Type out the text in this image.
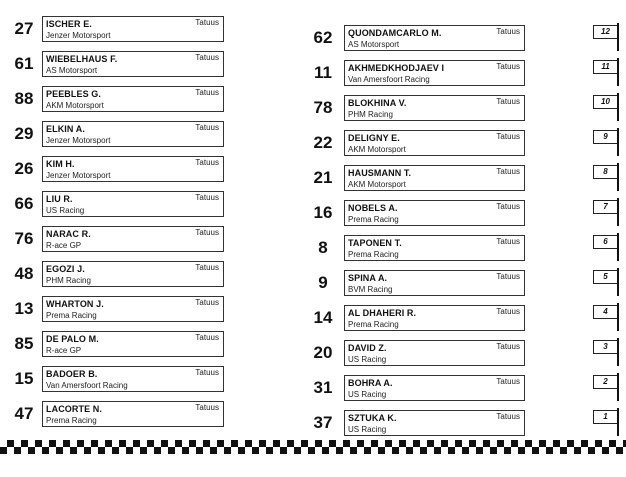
27	ISCHER E.	Tatuus
Jenzer Motorsport
61	WIEBELHAUS F.	Tatuus
AS Motorsport
88	PEEBLES G.	Tatuus
AKM Motorsport
29	ELKIN A.	Tatuus
Jenzer Motorsport
26	KIM H.	Tatuus
Jenzer Motorsport
66	LIU R.	Tatuus
US Racing
76	NARAC R.	Tatuus
R-ace GP
48	EGOZI J.	Tatuus
PHM Racing
13	WHARTON J.	Tatuus
Prema Racing
85	DE PALO M.	Tatuus
R-ace GP
15	BADOER B.	Tatuus
Van Amersfoort Racing
47	LACORTE N.	Tatuus
Prema Racing
62	QUONDAMCARLO M.	Tatuus
AS Motorsport
11	AKHMEDKHODJAEV I	Tatuus
Van Amersfoort Racing
78	BLOKHINA V.	Tatuus
PHM Racing
22	DELIGNY E.	Tatuus
AKM Motorsport
21	HAUSMANN T.	Tatuus
AKM Motorsport
16	NOBELS A.	Tatuus
Prema Racing
8	TAPONEN T.	Tatuus
Prema Racing
9	SPINA A.	Tatuus
BVM Racing
14	AL DHAHERI R.	Tatuus
Prema Racing
20	DAVID Z.	Tatuus
US Racing
31	BOHRA A.	Tatuus
US Racing
37	SZTUKA K.	Tatuus
US Racing
12
11
10
9
8
7
6
5
4
3
2
1
